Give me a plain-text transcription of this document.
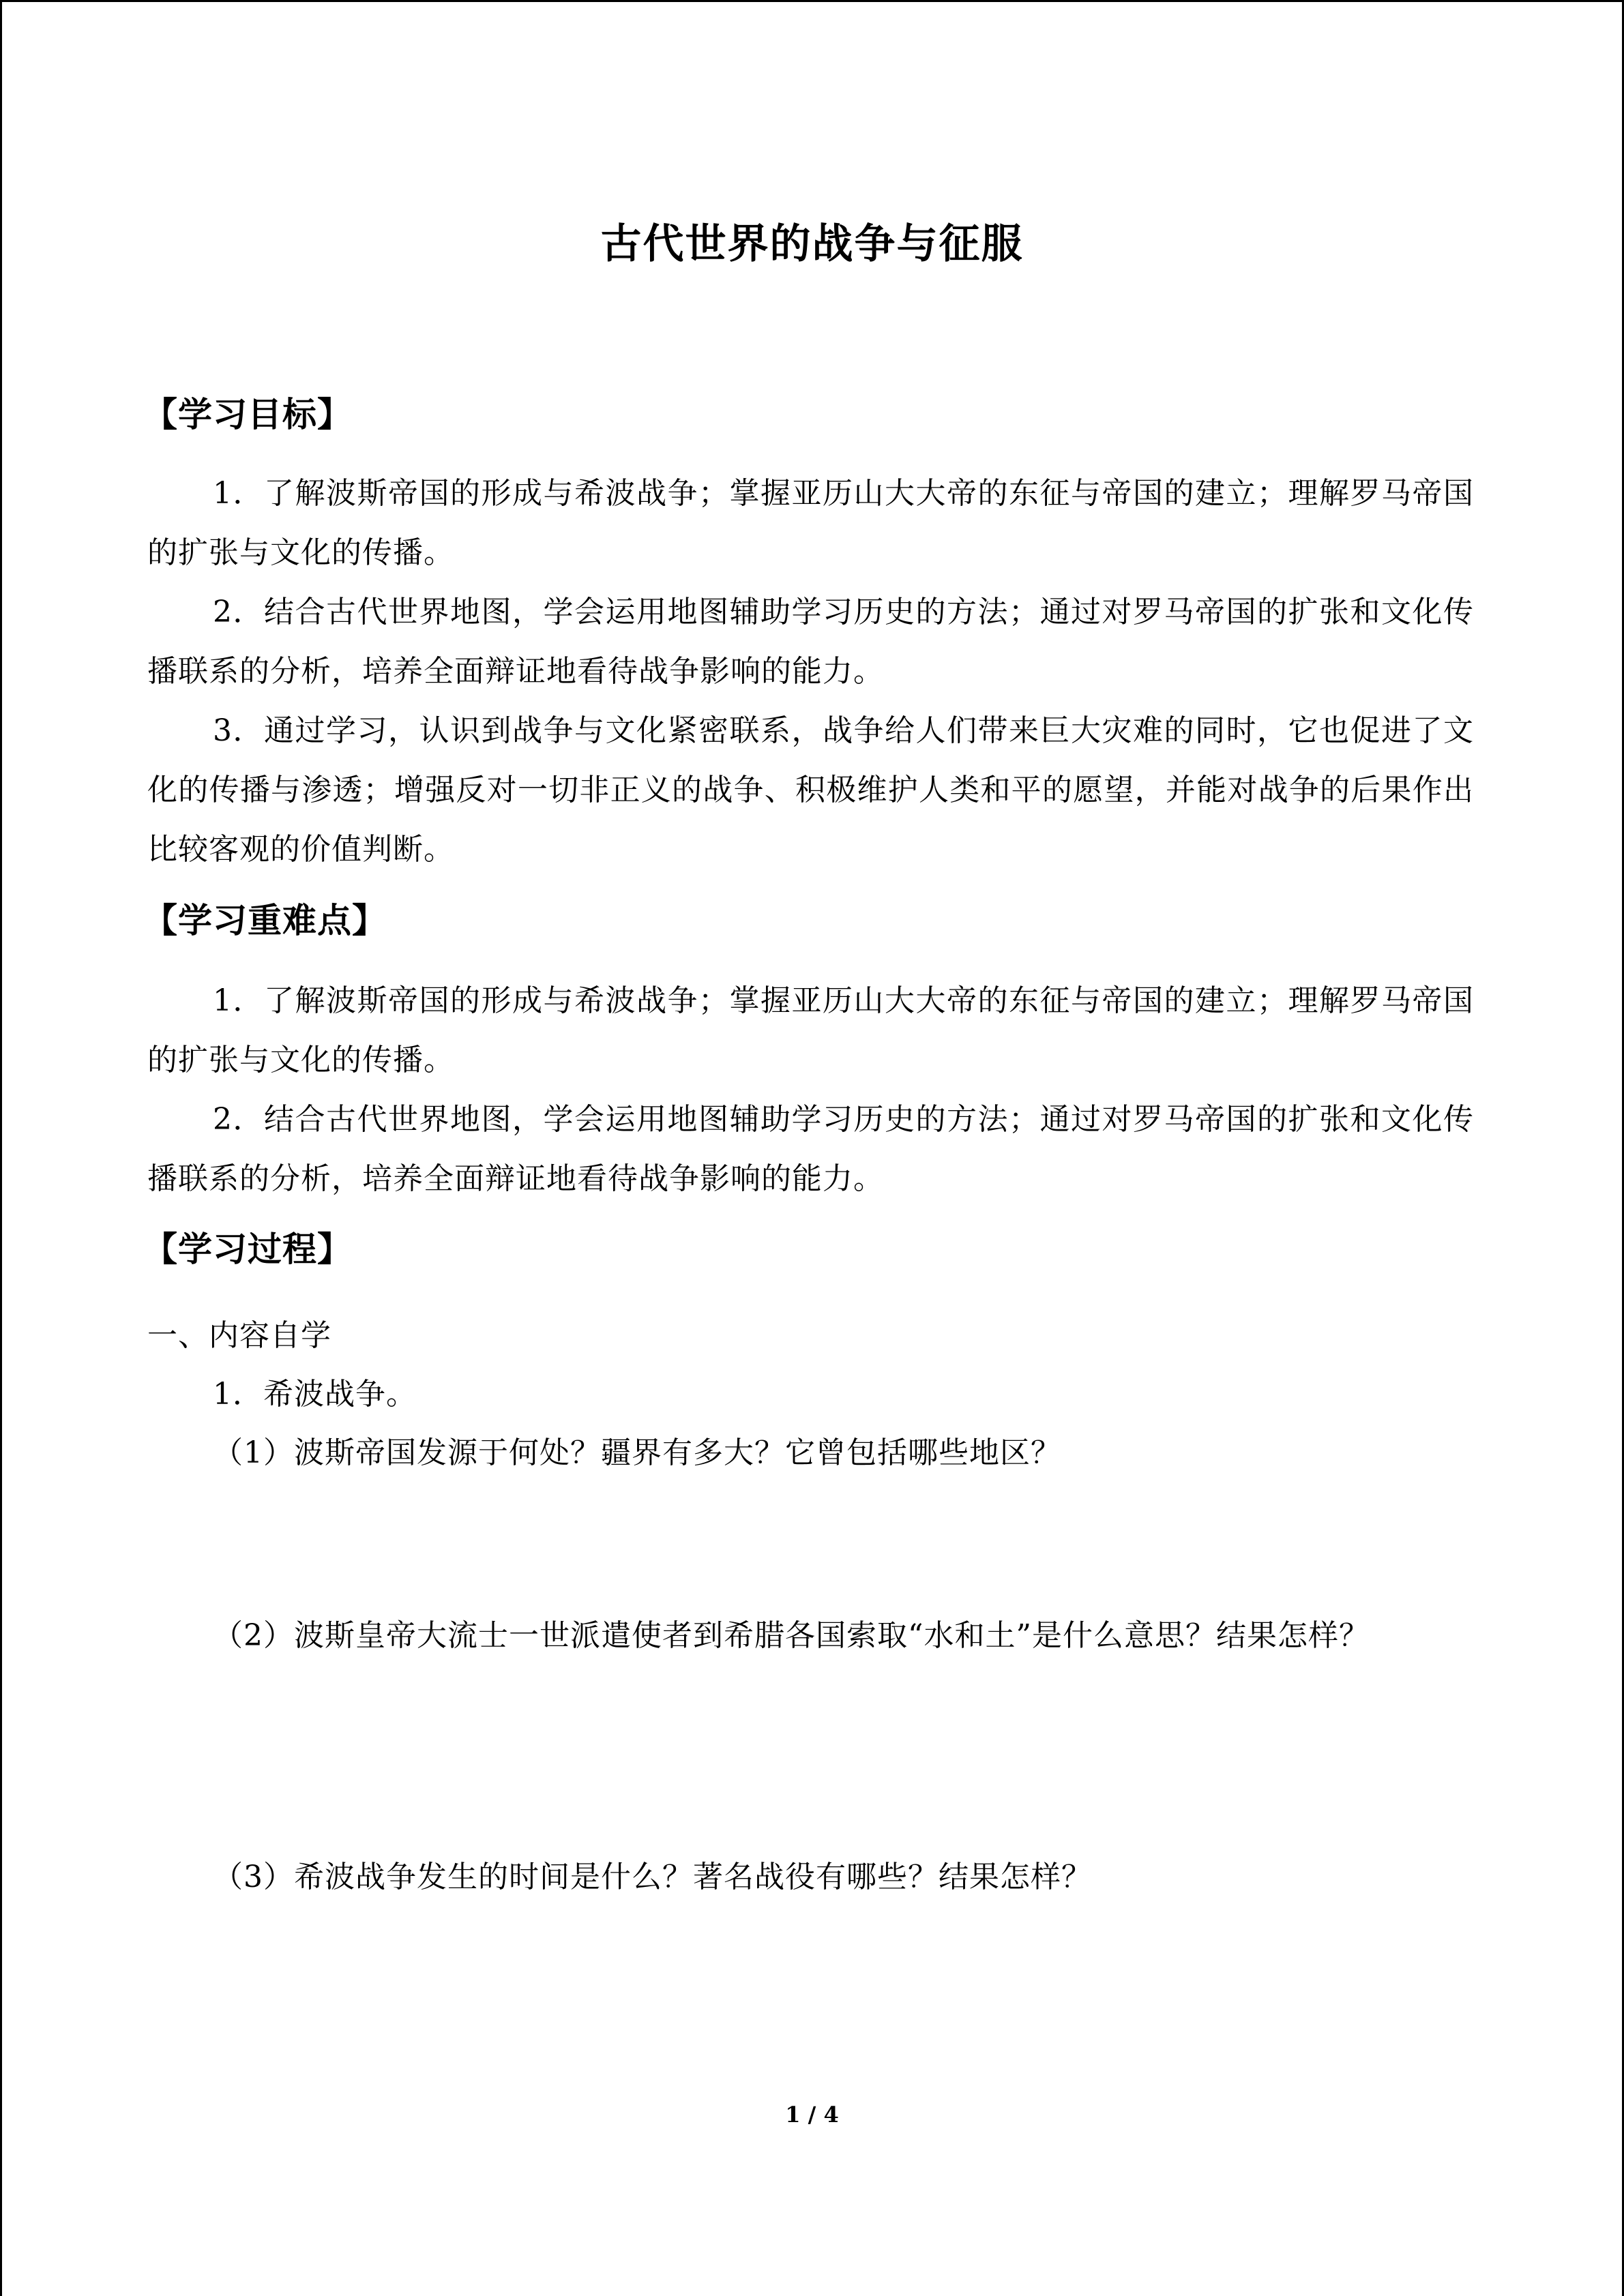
古代世界的战争与征服
【学习目标】
1．了解波斯帝国的形成与希波战争；掌握亚历山大大帝的东征与帝国的建立；理解罗马帝国的扩张与文化的传播。
2．结合古代世界地图，学会运用地图辅助学习历史的方法；通过对罗马帝国的扩张和文化传播联系的分析，培养全面辩证地看待战争影响的能力。
3．通过学习，认识到战争与文化紧密联系，战争给人们带来巨大灾难的同时，它也促进了文化的传播与渗透；增强反对一切非正义的战争、积极维护人类和平的愿望，并能对战争的后果作出比较客观的价值判断。
【学习重难点】
1．了解波斯帝国的形成与希波战争；掌握亚历山大大帝的东征与帝国的建立；理解罗马帝国的扩张与文化的传播。
2．结合古代世界地图，学会运用地图辅助学习历史的方法；通过对罗马帝国的扩张和文化传播联系的分析，培养全面辩证地看待战争影响的能力。
【学习过程】
一、内容自学
1．希波战争。
（1）波斯帝国发源于何处？疆界有多大？它曾包括哪些地区？
（2）波斯皇帝大流士一世派遣使者到希腊各国索取“水和土”是什么意思？结果怎样？
（3）希波战争发生的时间是什么？著名战役有哪些？结果怎样？
1 / 4
